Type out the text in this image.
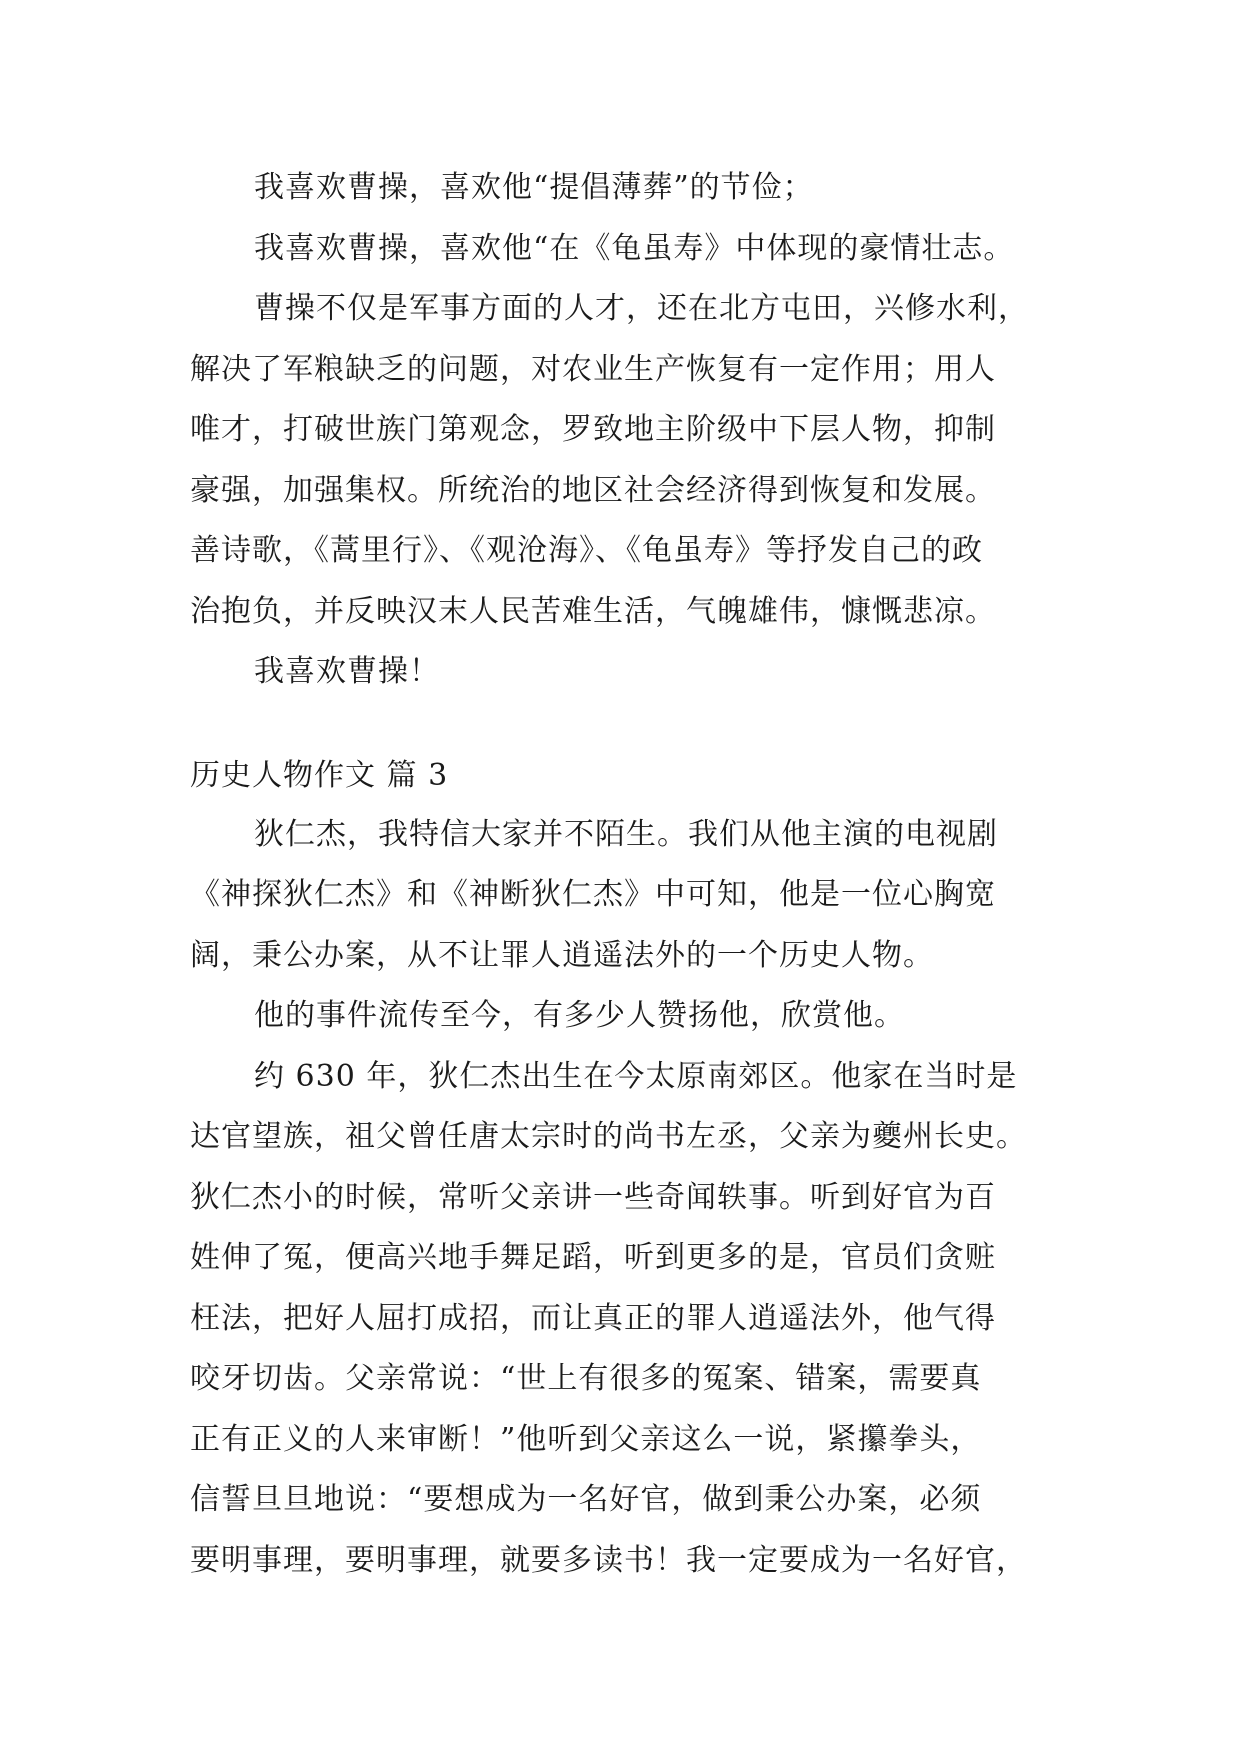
我喜欢曹操，喜欢他“提倡薄葬”的节俭；
我喜欢曹操，喜欢他“在《龟虽寿》中体现的豪情壮志。
曹操不仅是军事方面的人才，还在北方屯田，兴修水利，
解决了军粮缺乏的问题，对农业生产恢复有一定作用；用人
唯才，打破世族门第观念，罗致地主阶级中下层人物，抑制
豪强，加强集权。所统治的地区社会经济得到恢复和发展。
善诗歌，《蒿里行》、《观沧海》、《龟虽寿》等抒发自己的政
治抱负，并反映汉末人民苦难生活，气魄雄伟，慷慨悲凉。
我喜欢曹操！
历史人物作文 篇 3
狄仁杰，我特信大家并不陌生。我们从他主演的电视剧
《神探狄仁杰》和《神断狄仁杰》中可知，他是一位心胸宽
阔，秉公办案，从不让罪人逍遥法外的一个历史人物。
他的事件流传至今，有多少人赞扬他，欣赏他。
约 630 年，狄仁杰出生在今太原南郊区。他家在当时是
达官望族，祖父曾任唐太宗时的尚书左丞，父亲为夔州长史。
狄仁杰小的时候，常听父亲讲一些奇闻轶事。听到好官为百
姓伸了冤，便高兴地手舞足蹈，听到更多的是，官员们贪赃
枉法，把好人屈打成招，而让真正的罪人逍遥法外，他气得
咬牙切齿。父亲常说：“世上有很多的冤案、错案，需要真
正有正义的人来审断！”他听到父亲这么一说，紧攥拳头，
信誓旦旦地说：“要想成为一名好官，做到秉公办案，必须
要明事理，要明事理，就要多读书！我一定要成为一名好官，
